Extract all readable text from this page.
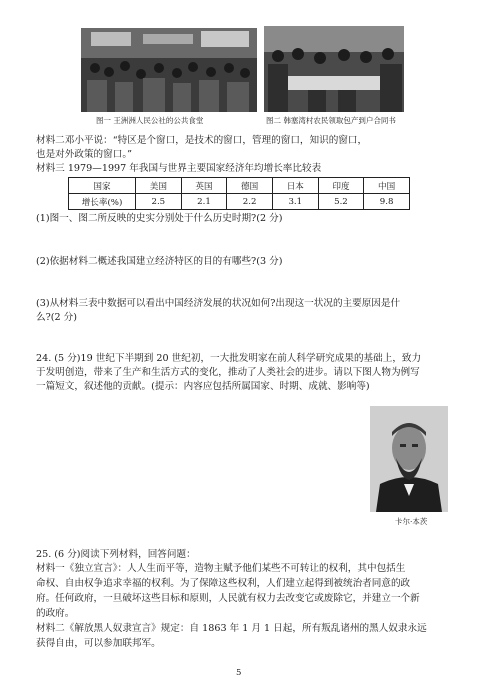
图一 王洲洲人民公社的公共食堂	图二 韩塞湾村农民领取包产到户合同书
材料二邓小平说：“特区是个窗口，是技术的窗口，管理的窗口，知识的窗口，
也是对外政策的窗口。”
材料三 1979—1997 年我国与世界主要国家经济年均增长率比较表
国家	美国	英国	德国	日本	印度	中国
增长率(%)	2.5	2.1	2.2	3.1	5.2	9.8
(1)图一、图二所反映的史实分别处于什么历史时期?(2 分)
(2)依据材料二概述我国建立经济特区的目的有哪些?(3 分)
(3)从材料三表中数据可以看出中国经济发展的状况如何?出现这一状况的主要原因是什
么?(2 分)
24. (5 分)19 世纪下半期到 20 世纪初，一大批发明家在前人科学研究成果的基础上，致力
于发明创造，带来了生产和生活方式的变化，推动了人类社会的进步。请以下图人物为例写
一篇短文，叙述他的贡献。(提示：内容应包括所属国家、时期、成就、影响等)
卡尔·本茨
25. (6 分)阅读下列材料，回答问题：
材料一《独立宣言》：人人生而平等，造物主赋予他们某些不可转让的权利，其中包括生
命权、自由权争追求幸福的权利。为了保障这些权利，人们建立起得到被统治者同意的政
府。任何政府，一旦破坏这些目标和原则，人民就有权力去改变它或废除它，并建立一个新
的政府。
材料二《解放黑人奴隶宣言》规定：自 1863 年 1 月 1 日起，所有叛乱诸州的黑人奴隶永远
获得自由，可以参加联邦军。
5
